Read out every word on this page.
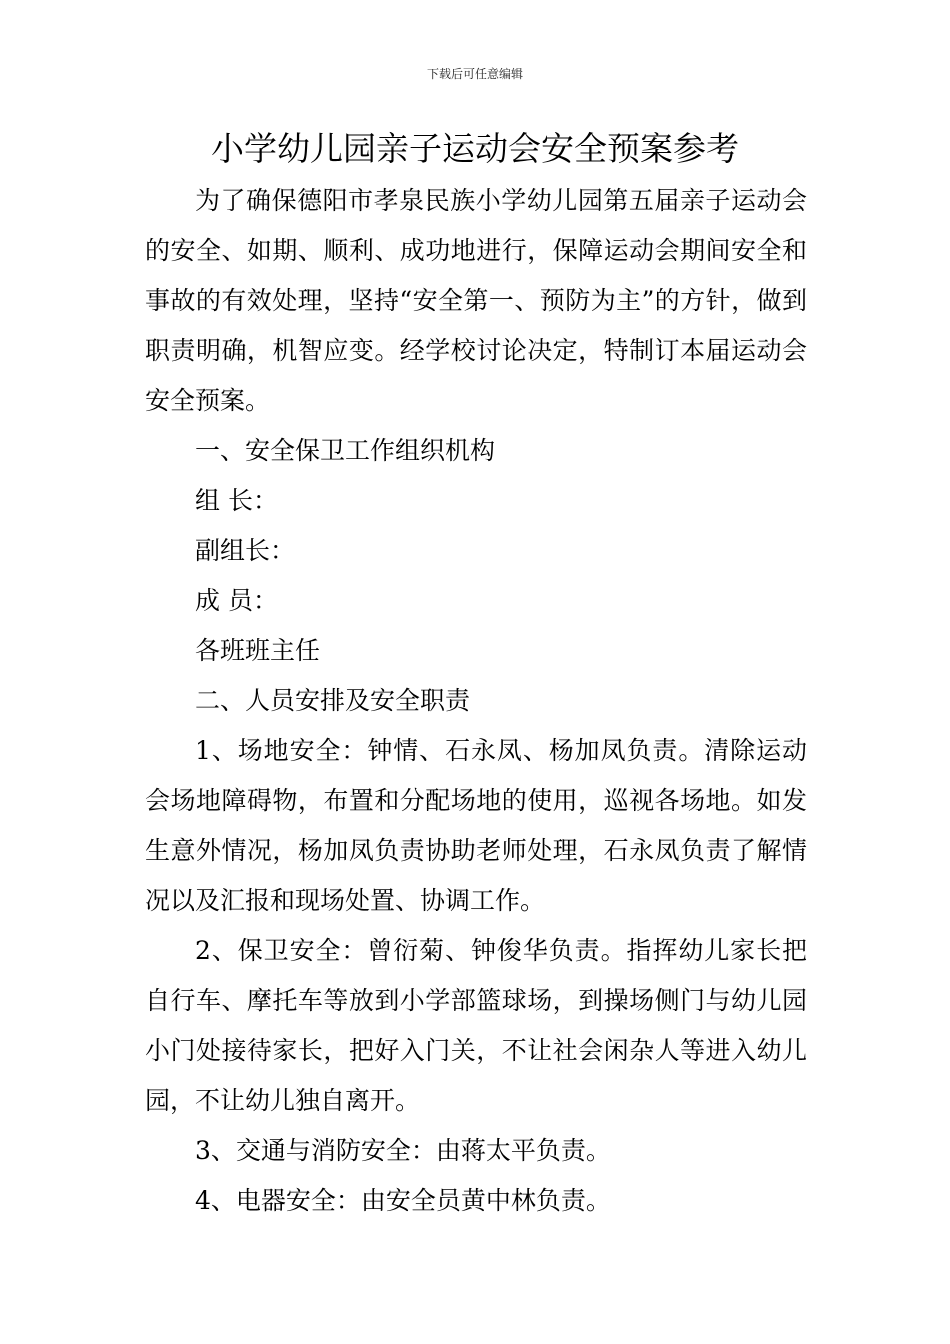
下载后可任意编辑
小学幼儿园亲子运动会安全预案参考

为了确保德阳市孝泉民族小学幼儿园第五届亲子运动会的安全、如期、顺利、成功地进行，保障运动会期间安全和事故的有效处理，坚持“安全第一、预防为主”的方针，做到职责明确，机智应变。经学校讨论决定，特制订本届运动会安全预案。

一、安全保卫工作组织机构

组 长：

副组长：

成 员：

各班班主任

二、人员安排及安全职责

1、场地安全：钟情、石永凤、杨加凤负责。清除运动会场地障碍物，布置和分配场地的使用，巡视各场地。如发生意外情况，杨加凤负责协助老师处理，石永凤负责了解情况以及汇报和现场处置、协调工作。

2、保卫安全：曾衍菊、钟俊华负责。指挥幼儿家长把自行车、摩托车等放到小学部篮球场，到操场侧门与幼儿园小门处接待家长，把好入门关，不让社会闲杂人等进入幼儿园，不让幼儿独自离开。

3、交通与消防安全：由蒋太平负责。

4、电器安全：由安全员黄中林负责。
